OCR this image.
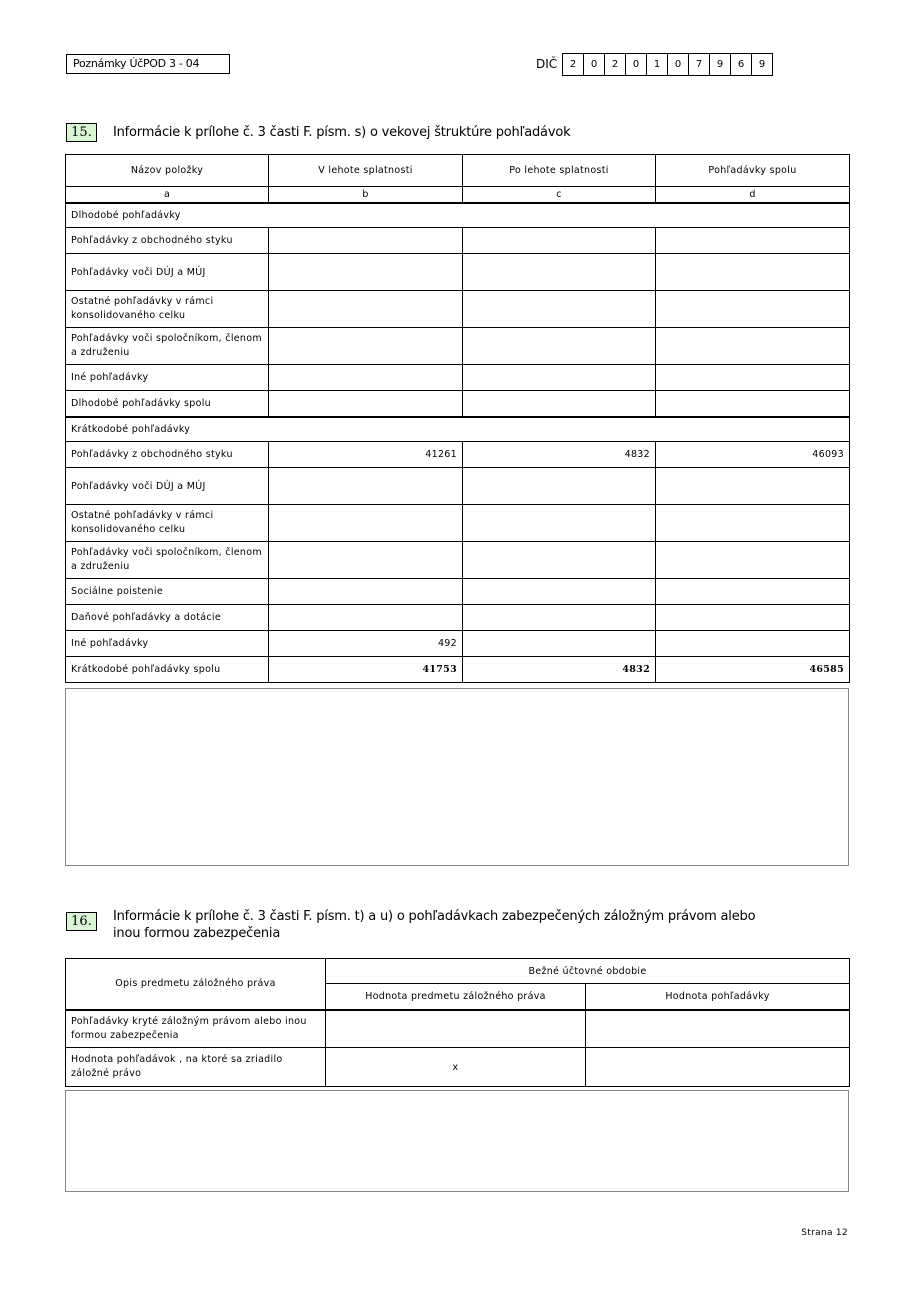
Poznámky ÚčPOD 3 - 04	DIČ	2	0	2	0	1	0	7	9	6	9
15.	Informácie k prílohe č. 3 časti F. písm. s) o vekovej štruktúre pohľadávok
Názov položky	V lehote splatnosti	Po lehote splatnosti	Pohľadávky spolu
a	b	c	d
Dlhodobé pohľadávky			
Pohľadávky z obchodného styku			
Pohľadávky voči DÚJ a MÚJ			
Ostatné pohľadávky v rámci konsolidovaného celku			
Pohľadávky voči spoločníkom, členom a združeniu			
Iné pohľadávky			
Dlhodobé pohľadávky spolu			
Krátkodobé pohľadávky			
Pohľadávky z obchodného styku	41261	4832	46093
Pohľadávky voči DÚJ a MÚJ			
Ostatné pohľadávky v rámci konsolidovaného celku			
Pohľadávky voči spoločníkom, členom a združeniu			
Sociálne poistenie			
Daňové pohľadávky a dotácie			
Iné pohľadávky	492		
Krátkodobé pohľadávky spolu	41753	4832	46585
16.	Informácie k prílohe č. 3 časti F. písm. t) a u) o pohľadávkach zabezpečených záložným právom alebo
inou formou zabezpečenia
Opis predmetu záložného práva	Bežné účtovné obdobie	
	Hodnota predmetu záložného práva	Hodnota pohľadávky
Pohľadávky kryté záložným právom alebo inou formou zabezpečenia		
Hodnota pohľadávok , na ktoré sa zriadilo záložné právo	x	
Strana 12
